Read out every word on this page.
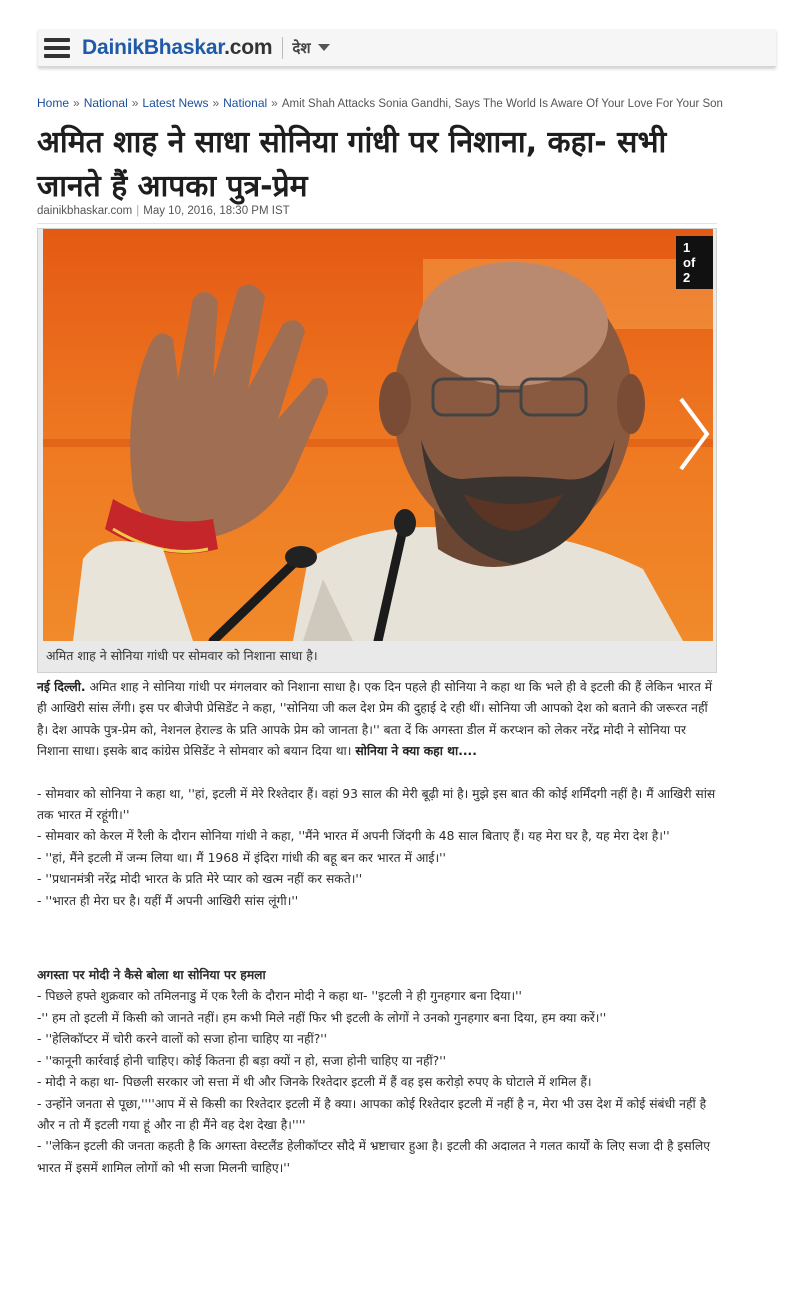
DainikBhaskar.com देश
Home » National » Latest News » National » Amit Shah Attacks Sonia Gandhi, Says The World Is Aware Of Your Love For Your Son
अमित शाह ने साधा सोनिया गांधी पर निशाना, कहा- सभी जानते हैं आपका पुत्र-प्रेम
dainikbhaskar.com | May 10, 2016, 18:30 PM IST
1 of 2
अमित शाह ने सोनिया गांधी पर सोमवार को निशाना साधा है।

नई दिल्ली. अमित शाह ने सोनिया गांधी पर मंगलवार को निशाना साधा है। एक दिन पहले ही सोनिया ने कहा था कि भले ही वे इटली की हैं लेकिन भारत में ही आखिरी सांस लेंगी। इस पर बीजेपी प्रेसिडेंट ने कहा, ''सोनिया जी कल देश प्रेम की दुहाई दे रही थीं। सोनिया जी आपको देश को बताने की जरूरत नहीं है। देश आपके पुत्र-प्रेम को, नेशनल हेराल्ड के प्रति आपके प्रेम को जानता है।'' बता दें कि अगस्ता डील में करप्शन को लेकर नरेंद्र मोदी ने सोनिया पर निशाना साधा। इसके बाद कांग्रेस प्रेसिडेंट ने सोमवार को बयान दिया था। सोनिया ने क्या कहा था....

- सोमवार को सोनिया ने कहा था, ''हां, इटली में मेरे रिश्तेदार हैं। वहां 93 साल की मेरी बूढ़ी मां है। मुझे इस बात की कोई शर्मिंदगी नहीं है। मैं आखिरी सांस तक भारत में रहूंगी।''

- सोमवार को केरल में रैली के दौरान सोनिया गांधी ने कहा, ''मैंने भारत में अपनी जिंदगी के 48 साल बिताए हैं। यह मेरा घर है, यह मेरा देश है।''

- ''हां, मैंने इटली में जन्म लिया था। मैं 1968 में इंदिरा गांधी की बहू बन कर भारत में आई।''

- ''प्रधानमंत्री नरेंद्र मोदी भारत के प्रति मेरे प्यार को खत्म नहीं कर सकते।''

- ''भारत ही मेरा घर है। यहीं मैं अपनी आखिरी सांस लूंगी।''

अगस्ता पर मोदी ने कैसे बोला था सोनिया पर हमला

- पिछले हफ्ते शुक्रवार को तमिलनाडु में एक रैली के दौरान मोदी ने कहा था- ''इटली ने ही गुनहगार बना दिया।''

-'' हम तो इटली में किसी को जानते नहीं। हम कभी मिले नहीं फिर भी इटली के लोगों ने उनको गुनहगार बना दिया, हम क्या करें।''

- ''हेलिकॉप्टर में चोरी करने वालों को सजा होना चाहिए या नहीं?''

- ''कानूनी कार्रवाई होनी चाहिए। कोई कितना ही बड़ा क्यों न हो, सजा होनी चाहिए या नहीं?''

- मोदी ने कहा था- पिछली सरकार जो सत्ता में थी और जिनके रिश्तेदार इटली में हैं वह इस करोड़ो रुपए के घोटाले में शमिल हैं।

- उन्होंने जनता से पूछा,''''आप में से किसी का रिश्तेदार इटली में है क्या। आपका कोई रिश्तेदार इटली में नहीं है न, मेरा भी उस देश में कोई संबंधी नहीं है और न तो मैं इटली गया हूं और ना ही मैंने वह देश देखा है।''''

- ''लेकिन इटली की जनता कहती है कि अगस्ता वेस्टलैंड हेलीकॉप्टर सौदे में भ्रष्टाचार हुआ है। इटली की अदालत ने गलत कार्यों के लिए सजा दी है इसलिए भारत में इसमें शामिल लोगों को भी सजा मिलनी चाहिए।''
